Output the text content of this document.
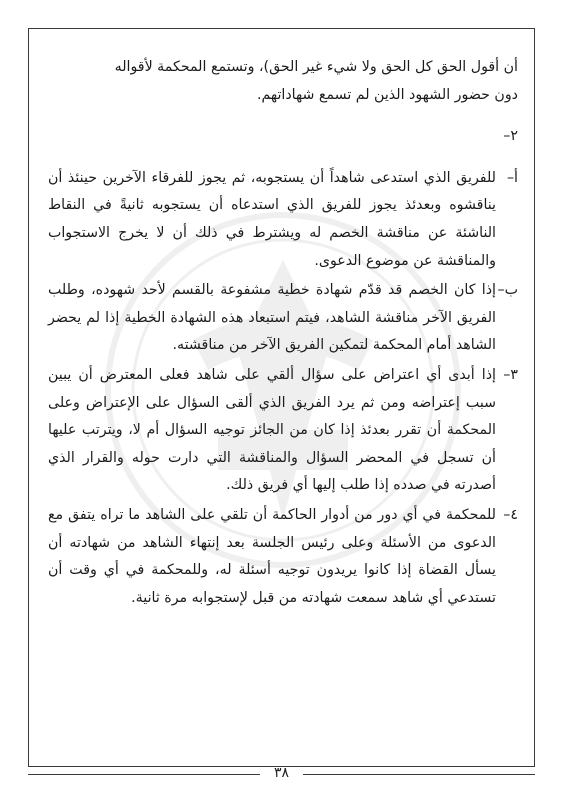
أن أقول الحق كل الحق ولا شيء غير الحق)، وتستمع المحكمة لأقواله

دون حضور الشهود الذين لم تسمع شهاداتهم.

٢–

أ–

للفريق الذي استدعى شاهداً أن يستجوبه، ثم يجوز للفرقاء الآخرين حينئذ أن يناقشوه وبعدئذ يجوز للفريق الذي استدعاه أن يستجوبه ثانيةً في النقاط الناشئة عن مناقشة الخصم له ويشترط في ذلك أن لا يخرج الاستجواب والمناقشة عن موضوع الدعوى.

ب–

إذا كان الخصم قد قدّم شهادة خطية مشفوعة بالقسم لأحد شهوده، وطلب الفريق الآخر مناقشة الشاهد، فيتم استبعاد هذه الشهادة الخطية إذا لم يحضر الشاهد أمام المحكمة لتمكين الفريق الآخر من مناقشته.

٣–

إذا أبدى أي اعتراض على سؤال ألقي على شاهد فعلى المعترض أن يبين سبب إعتراضه ومن ثم يرد الفريق الذي ألقى السؤال على الإعتراض وعلى المحكمة أن تقرر بعدئذ إذا كان من الجائز توجيه السؤال أم لا، ويترتب عليها أن تسجل في المحضر السؤال والمناقشة التي دارت حوله والقرار الذي أصدرته في صدده إذا طلب إليها أي فريق ذلك.

٤–

للمحكمة في أي دور من أدوار الحاكمة أن تلقي على الشاهد ما تراه يتفق مع الدعوى من الأسئلة وعلى رئيس الجلسة بعد إنتهاء الشاهد من شهادته أن يسأل القضاة إذا كانوا يريدون توجيه أسئلة له، وللمحكمة في أي وقت أن تستدعي أي شاهد سمعت شهادته من قبل لإستجوابه مرة ثانية.

٣٨
